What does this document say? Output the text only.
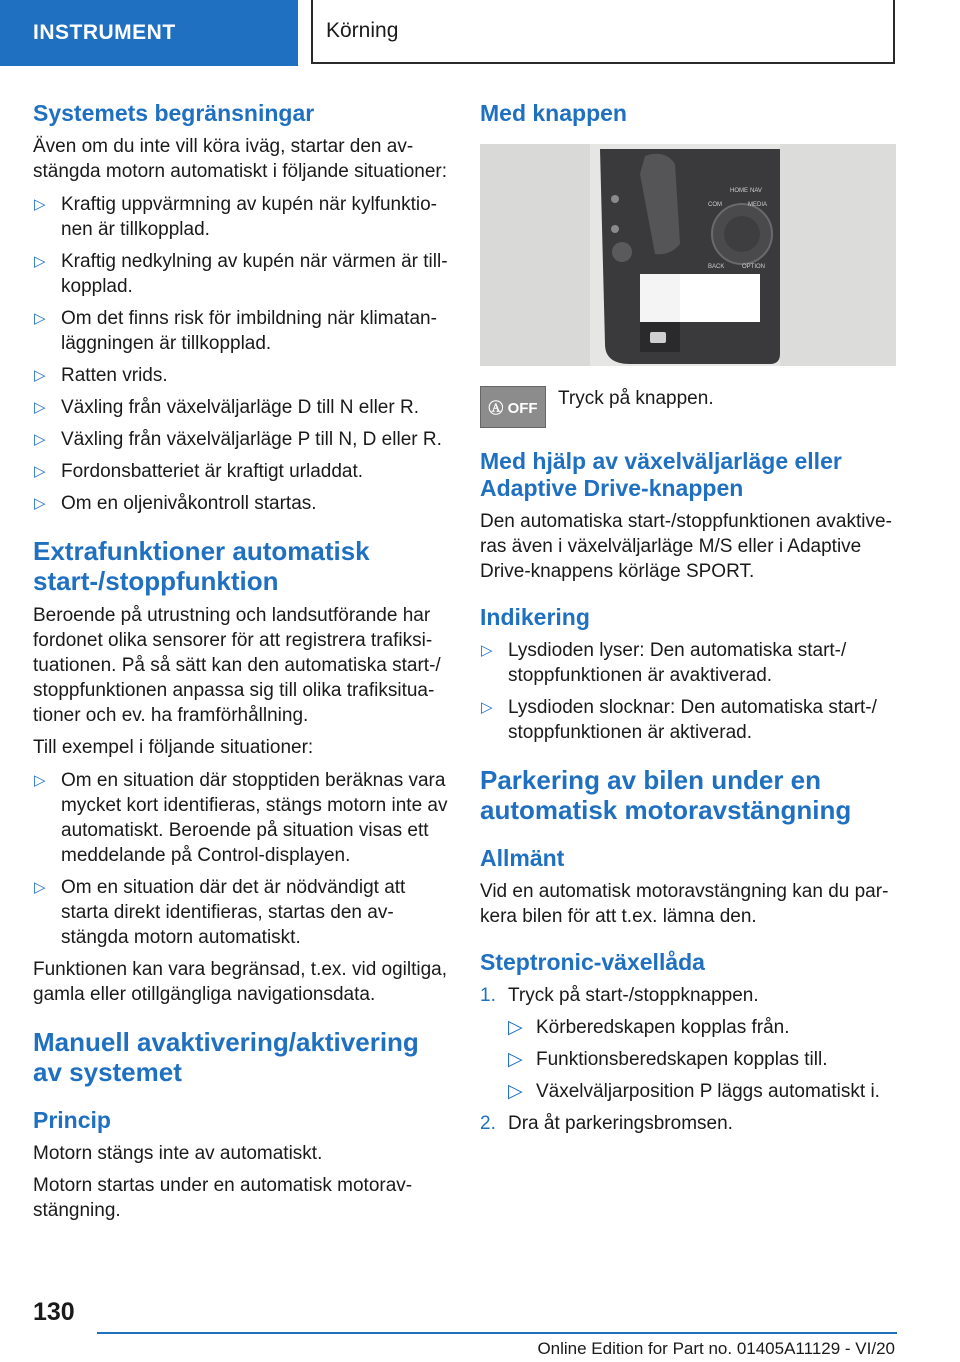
INSTRUMENT	Körning
Systemets begränsningar

Även om du inte vill köra iväg, startar den avstängda motorn automatiskt i följande situationer:

▷ Kraftig uppvärmning av kupén när kylfunktionen är tillkopplad.
▷ Kraftig nedkylning av kupén när värmen är tillkopplad.
▷ Om det finns risk för imbildning när klimatanläggningen är tillkopplad.
▷ Ratten vrids.
▷ Växling från växelväljarläge D till N eller R.
▷ Växling från växelväljarläge P till N, D eller R.
▷ Fordonsbatteriet är kraftigt urladdat.
▷ Om en oljenivåkontroll startas.
Extrafunktioner automatisk start-/stoppfunktion

Beroende på utrustning och landsutförande har fordonet olika sensorer för att registrera trafiksituationen. På så sätt kan den automatiska start-/ stoppfunktionen anpassa sig till olika trafiksituationer och ev. ha framförhållning.

Till exempel i följande situationer:

▷ Om en situation där stopptiden beräknas vara mycket kort identifieras, stängs motorn inte av automatiskt. Beroende på situation visas ett meddelande på Control-displayen.
▷ Om en situation där det är nödvändigt att starta direkt identifieras, startas den avstängda motorn automatiskt.

Funktionen kan vara begränsad, t.ex. vid ogiltiga, gamla eller otillgängliga navigationsdata.

Manuell avaktivering/aktivering av systemet
Princip

Motorn stängs inte av automatiskt.

Motorn startas under en automatisk motoravstängning.

Med knappen
HOME NAV
COM	MEDIA
BACK	OPTION
Ⓐ OFF	Tryck på knappen.

Med hjälp av växelväljarläge eller Adaptive Drive-knappen

Den automatiska start-/stoppfunktionen avaktiveras även i växelväljarläge M/S eller i Adaptive Drive-knappens körläge SPORT.

Indikering
▷ Lysdioden lyser: Den automatiska start-/ stoppfunktionen är avaktiverad.
▷ Lysdioden slocknar: Den automatiska start-/ stoppfunktionen är aktiverad.
Parkering av bilen under en automatisk motoravstängning
Allmänt

Vid en automatisk motoravstängning kan du parkera bilen för att t.ex. lämna den.

Steptronic-växellåda
1. Tryck på start-/stoppknappen.
▷ Körberedskapen kopplas från.
▷ Funktionsberedskapen kopplas till.
▷ Växelväljarposition P läggs automatiskt i.
2. Dra åt parkeringsbromsen.
130
Online Edition for Part no. 01405A11129 - VI/20
